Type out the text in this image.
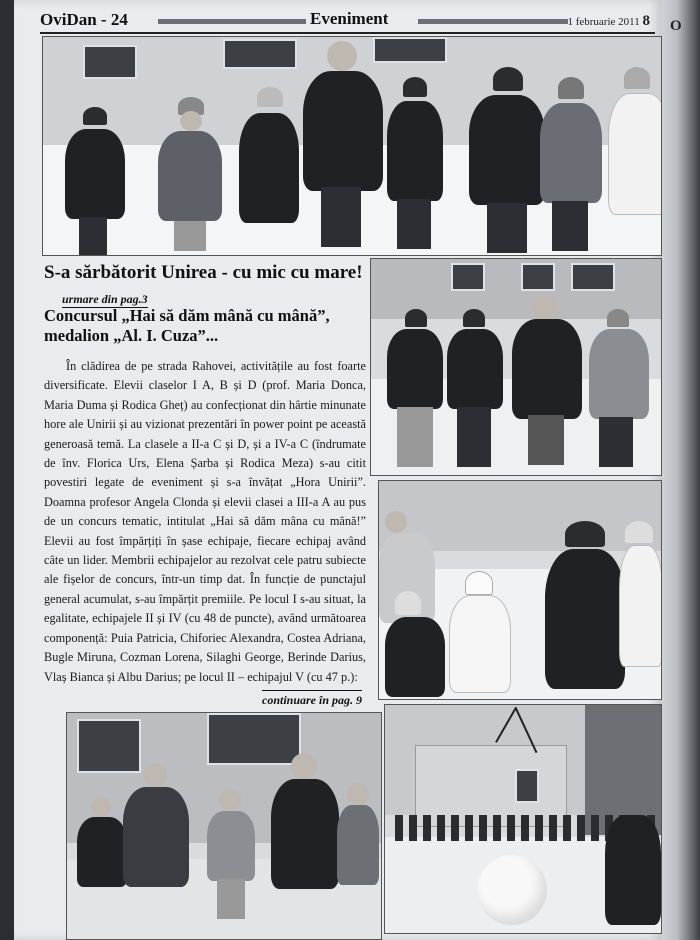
O
OviDan - 24	Eveniment	1 februarie 2011 8
S-a sărbătorit Unirea - cu mic cu mare!
urmare din pag.3
Concursul „Hai să dăm mână cu mână”, medalion „Al. I. Cuza”...

În clădirea de pe strada Rahovei, activitățile au fost foarte diversificate. Elevii claselor I A, B și D (prof. Maria Donca, Maria Duma și Rodica Gheț) au confecționat din hârtie minunate hore ale Unirii și au vizionat prezentări în power point pe această generoasă temă. La clasele a II-a C și D, și a IV-a C (îndrumate de înv. Florica Urs, Elena Șarba și Rodica Meza) s-au citit povestiri legate de eveniment și s-a învățat „Hora Unirii”. Doamna profesor Angela Clonda și elevii clasei a III-a A au pus de un concurs tematic, intitulat „Hai să dăm mâna cu mână!” Elevii au fost împărțiți în șase echipaje, fiecare echipaj având câte un lider. Membrii echipajelor au rezolvat cele patru subiecte ale fișelor de concurs, într-un timp dat. În funcție de punctajul general acumulat, s-au împărțit premiile. Pe locul I s-au situat, la egalitate, echipajele II și IV (cu 48 de puncte), având următoarea componență: Puia Patricia, Chiforiec Alexandra, Costea Adriana, Bugle Miruna, Cozman Lorena, Silaghi George, Berinde Darius, Vlaș Bianca și Albu Darius; pe locul II – echipajul V (cu 47 p.):

continuare în pag. 9
